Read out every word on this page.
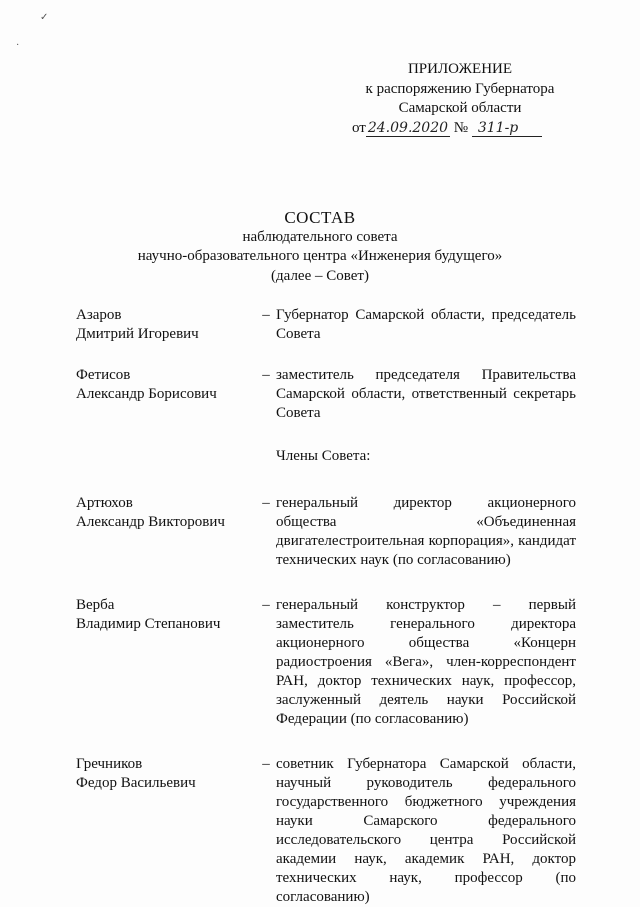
✓
·
ПРИЛОЖЕНИЕ
к распоряжению Губернатора
Самарской области
от 24.09.2020 № 311-р
СОСТАВ
наблюдательного совета
научно-образовательного центра «Инженерия будущего»
(далее – Совет)
Азаров
Дмитрий Игоревич
– Губернатор Самарской области, председатель Совета
Фетисов
Александр Борисович
– заместитель председателя Правительства Самарской области, ответственный секретарь Совета
Члены Совета:
Артюхов
Александр Викторович
– генеральный директор акционерного общества «Объединенная двигателестроительная корпорация», кандидат технических наук (по согласованию)
Верба
Владимир Степанович
– генеральный конструктор – первый заместитель генерального директора акционерного общества «Концерн радиостроения «Вега», член-корреспондент РАН, доктор технических наук, профессор, заслуженный деятель науки Российской Федерации (по согласованию)
Гречников
Федор Васильевич
– советник Губернатора Самарской области, научный руководитель федерального государственного бюджетного учреждения науки Самарского федерального исследовательского центра Российской академии наук, академик РАН, доктор технических наук, профессор (по согласованию)
